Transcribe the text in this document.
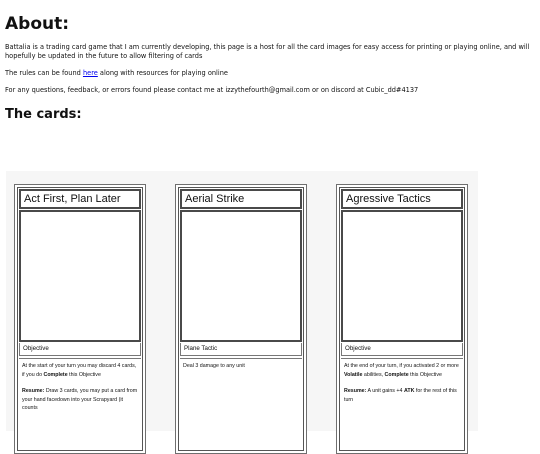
About:

Battalia is a trading card game that I am currently developing, this page is a host for all the card images for easy access for printing or playing online, and will hopefully be updated in the future to allow filtering of cards

The rules can be found here along with resources for playing online

For any questions, feedback, or errors found please contact me at izzythefourth@gmail.com or on discord at Cubic_dd#4137

The cards:
Act First, Plan Later
Objective
At the start of your turn you may discard 4 cards, if you do Complete this Objective
Resume: Draw 3 cards, you may put a card from your hand facedown into your Scrapyard (it counts
Aerial Strike
Plane Tactic
Deal 3 damage to any unit
Agressive Tactics
Objective
At the end of your turn, if you activated 2 or more Volatile abilities, Complete this Objective
Resume: A unit gains +4 ATK for the rest of this turn
